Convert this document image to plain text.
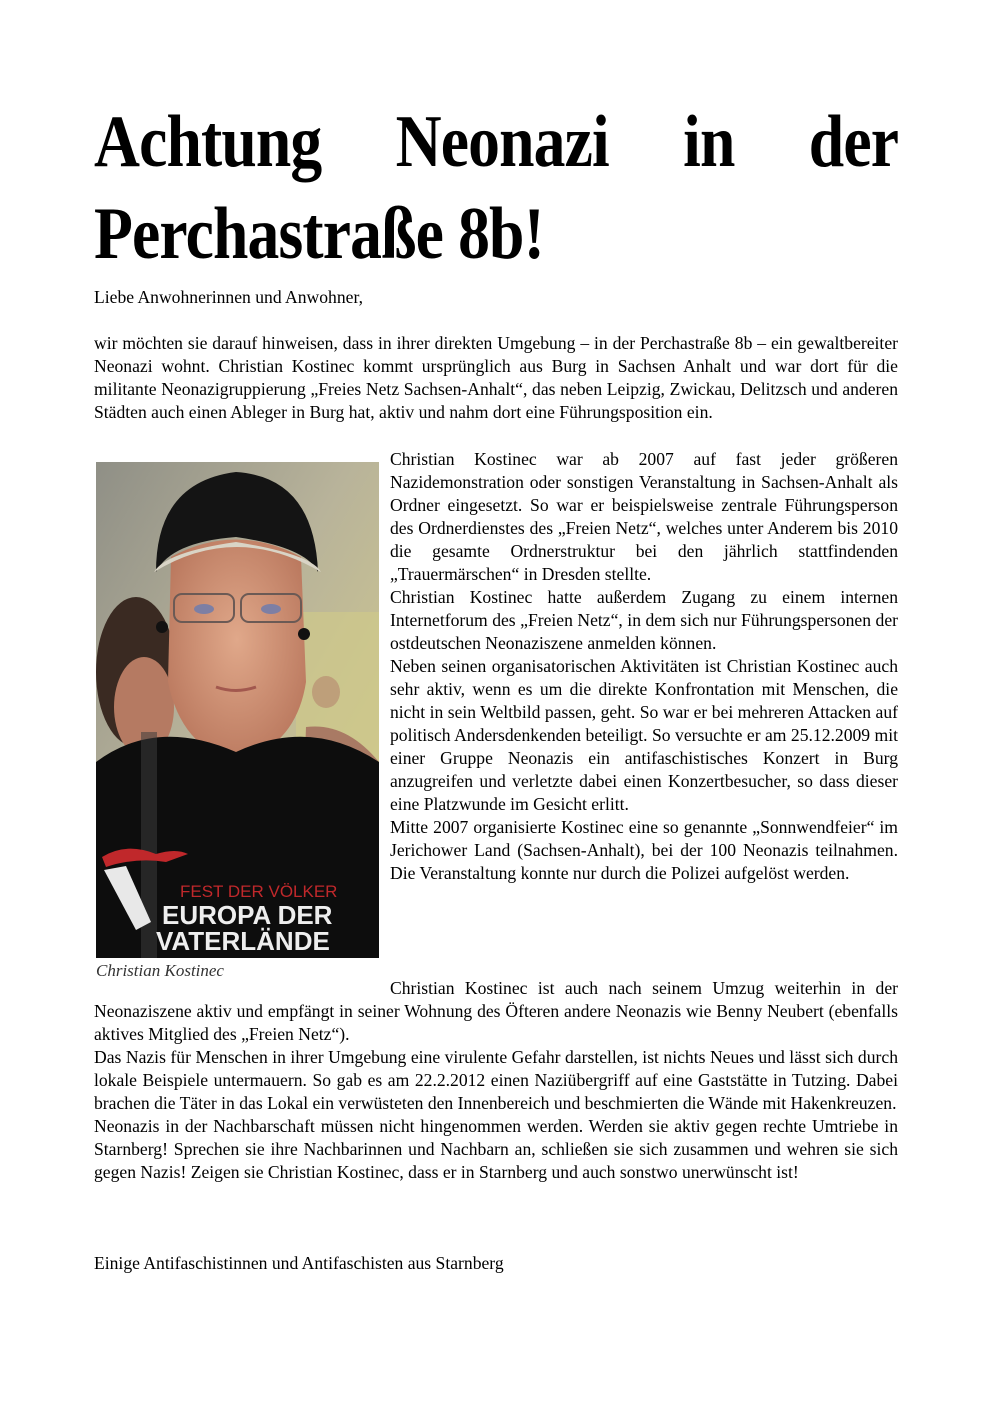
Achtung Neonazi in der
Perchastraße 8b!

Liebe Anwohnerinnen und Anwohner,

wir möchten sie darauf hinweisen, dass in ihrer direkten Umgebung – in der Perchastraße 8b – ein gewaltbereiter Neonazi wohnt. Christian Kostinec kommt ursprünglich aus Burg in Sachsen Anhalt und war dort für die militante Neonazigruppierung „Freies Netz Sachsen-Anhalt“, das neben Leipzig, Zwickau, Delitzsch und anderen Städten auch einen Ableger in Burg hat, aktiv und nahm dort eine Führungsposition ein.

FEST DER VÖLKER
EUROPA DER
VATERLÄNDE
Christian Kostinec

Christian Kostinec war ab 2007 auf fast jeder größeren Nazidemonstration oder sonstigen Veranstaltung in Sachsen-Anhalt als Ordner eingesetzt. So war er beispielsweise zentrale Führungsperson des Ordnerdienstes des „Freien Netz“, welches unter Anderem bis 2010 die gesamte Ordnerstruktur bei den jährlich stattfindenden „Trauermärschen“ in Dresden stellte.

Christian Kostinec hatte außerdem Zugang zu einem internen Internetforum des „Freien Netz“, in dem sich nur Führungspersonen der ostdeutschen Neonaziszene anmelden können.

Neben seinen organisatorischen Aktivitäten ist Christian Kostinec auch sehr aktiv, wenn es um die direkte Konfrontation mit Menschen, die nicht in sein Weltbild passen, geht. So war er bei mehreren Attacken auf politisch Andersdenkenden beteiligt. So versuchte er am 25.12.2009 mit einer Gruppe Neonazis ein antifaschistisches Konzert in Burg anzugreifen und verletzte dabei einen Konzertbesucher, so dass dieser eine Platzwunde im Gesicht erlitt.

Mitte 2007 organisierte Kostinec eine so genannte „Sonnwendfeier“ im Jerichower Land (Sachsen-Anhalt), bei der 100 Neonazis teilnahmen. Die Veranstaltung konnte nur durch die Polizei aufgelöst werden.

Christian Kostinec ist auch nach seinem Umzug weiterhin in der Neonaziszene aktiv und empfängt in seiner Wohnung des Öfteren andere Neonazis wie Benny Neubert (ebenfalls aktives Mitglied des „Freien Netz“).

Das Nazis für Menschen in ihrer Umgebung eine virulente Gefahr darstellen, ist nichts Neues und lässt sich durch lokale Beispiele untermauern. So gab es am 22.2.2012 einen Naziübergriff auf eine Gaststätte in Tutzing. Dabei brachen die Täter in das Lokal ein verwüsteten den Innenbereich und beschmierten die Wände mit Hakenkreuzen.

Neonazis in der Nachbarschaft müssen nicht hingenommen werden. Werden sie aktiv gegen rechte Umtriebe in Starnberg! Sprechen sie ihre Nachbarinnen und Nachbarn an, schließen sie sich zusammen und wehren sie sich gegen Nazis! Zeigen sie Christian Kostinec, dass er in Starnberg und auch sonstwo unerwünscht ist!

Einige Antifaschistinnen und Antifaschisten aus Starnberg
